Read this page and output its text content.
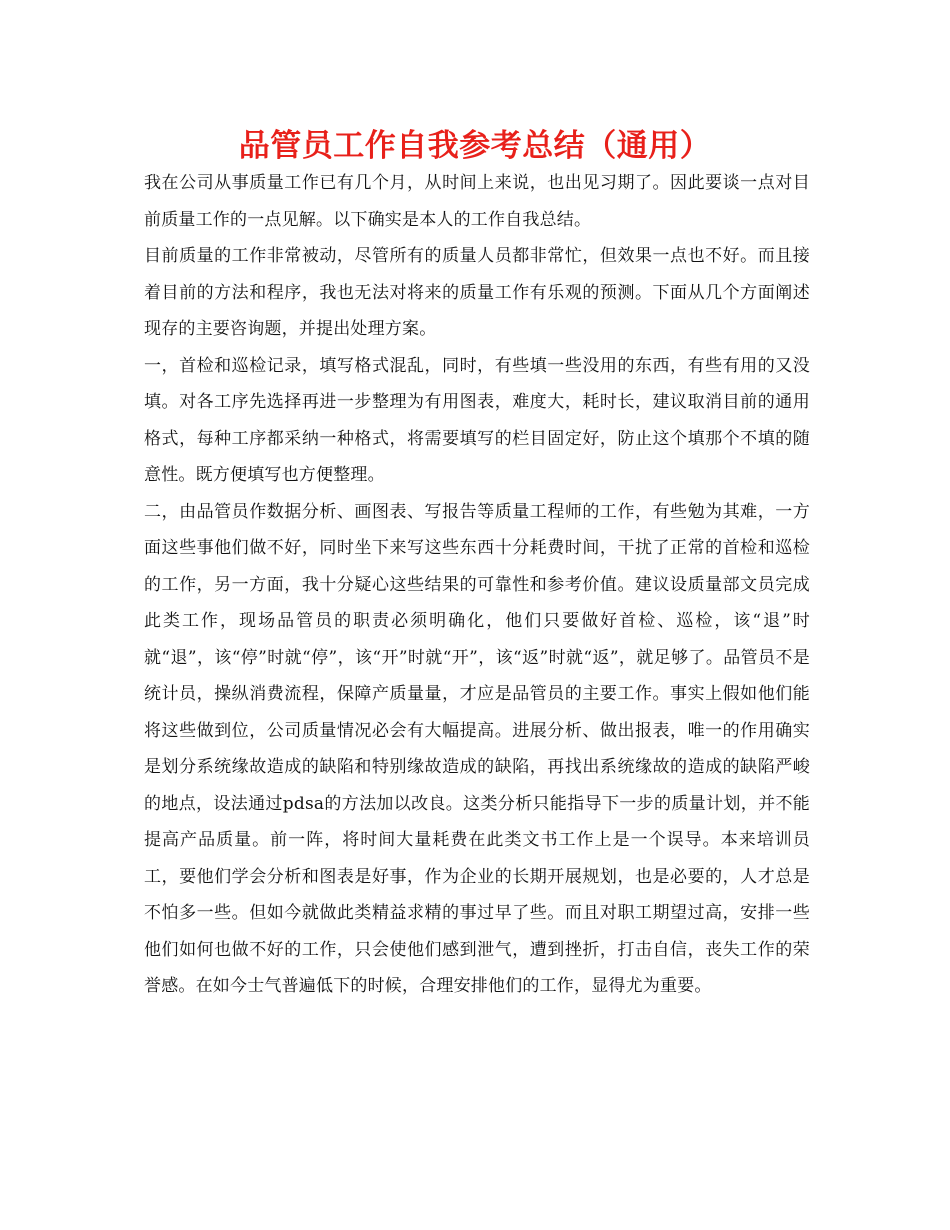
品管员工作自我参考总结（通用）

我在公司从事质量工作已有几个月，从时间上来说，也出见习期了。因此要谈一点对目前质量工作的一点见解。以下确实是本人的工作自我总结。

目前质量的工作非常被动，尽管所有的质量人员都非常忙，但效果一点也不好。而且接着目前的方法和程序，我也无法对将来的质量工作有乐观的预测。下面从几个方面阐述现存的主要咨询题，并提出处理方案。

一，首检和巡检记录，填写格式混乱，同时，有些填一些没用的东西，有些有用的又没填。对各工序先选择再进一步整理为有用图表，难度大，耗时长，建议取消目前的通用格式，每种工序都采纳一种格式，将需要填写的栏目固定好，防止这个填那个不填的随意性。既方便填写也方便整理。

二，由品管员作数据分析、画图表、写报告等质量工程师的工作，有些勉为其难，一方面这些事他们做不好，同时坐下来写这些东西十分耗费时间，干扰了正常的首检和巡检的工作，另一方面，我十分疑心这些结果的可靠性和参考价值。建议设质量部文员完成此类工作，现场品管员的职责必须明确化，他们只要做好首检、巡检，该“退”时就“退”，该“停”时就“停”，该“开”时就“开”，该“返”时就“返”，就足够了。品管员不是统计员，操纵消费流程，保障产质量量，才应是品管员的主要工作。事实上假如他们能将这些做到位，公司质量情况必会有大幅提高。进展分析、做出报表，唯一的作用确实是划分系统缘故造成的缺陷和特别缘故造成的缺陷，再找出系统缘故的造成的缺陷严峻的地点，设法通过pdsa的方法加以改良。这类分析只能指导下一步的质量计划，并不能提高产品质量。前一阵，将时间大量耗费在此类文书工作上是一个误导。本来培训员工，要他们学会分析和图表是好事，作为企业的长期开展规划，也是必要的，人才总是不怕多一些。但如今就做此类精益求精的事过早了些。而且对职工期望过高，安排一些他们如何也做不好的工作，只会使他们感到泄气，遭到挫折，打击自信，丧失工作的荣誉感。在如今士气普遍低下的时候，合理安排他们的工作，显得尤为重要。
